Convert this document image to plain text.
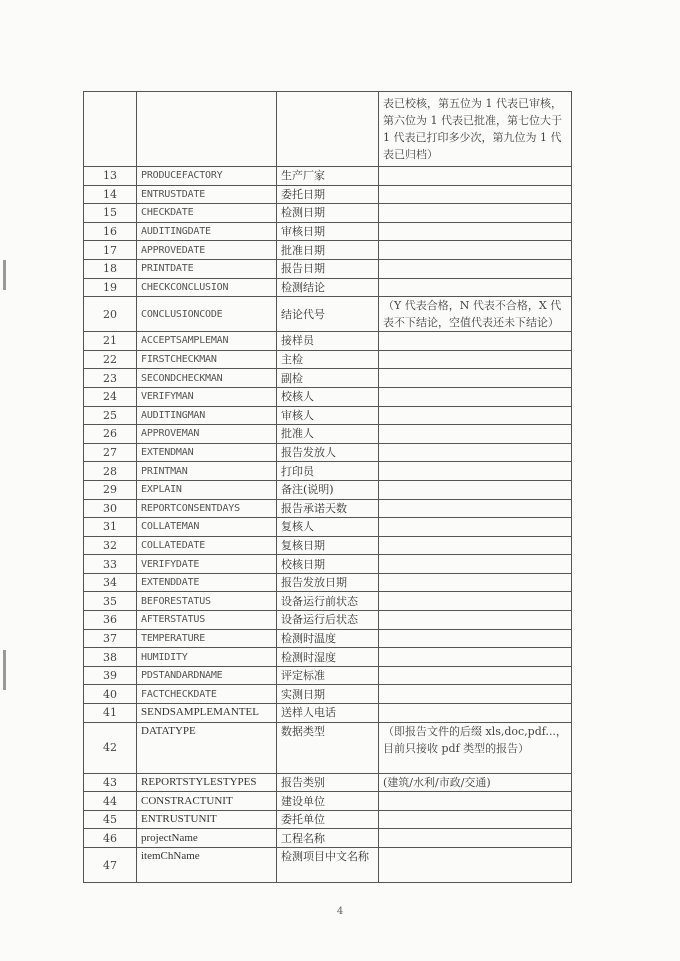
			表已校核，第五位为 1 代表已审核，第六位为 1 代表已批准，第七位大于 1 代表已打印多少次，第九位为 1 代表已归档）
13	PRODUCEFACTORY	生产厂家	
14	ENTRUSTDATE	委托日期	
15	CHECKDATE	检测日期	
16	AUDITINGDATE	审核日期	
17	APPROVEDATE	批准日期	
18	PRINTDATE	报告日期	
19	CHECKCONCLUSION	检测结论	
20	CONCLUSIONCODE	结论代号	（Y 代表合格，N 代表不合格，X 代表不下结论，空值代表还未下结论）
21	ACCEPTSAMPLEMAN	接样员	
22	FIRSTCHECKMAN	主检	
23	SECONDCHECKMAN	副检	
24	VERIFYMAN	校核人	
25	AUDITINGMAN	审核人	
26	APPROVEMAN	批准人	
27	EXTENDMAN	报告发放人	
28	PRINTMAN	打印员	
29	EXPLAIN	备注(说明)	
30	REPORTCONSENTDAYS	报告承诺天数	
31	COLLATEMAN	复核人	
32	COLLATEDATE	复核日期	
33	VERIFYDATE	校核日期	
34	EXTENDDATE	报告发放日期	
35	BEFORESTATUS	设备运行前状态	
36	AFTERSTATUS	设备运行后状态	
37	TEMPERATURE	检测时温度	
38	HUMIDITY	检测时湿度	
39	PDSTANDARDNAME	评定标准	
40	FACTCHECKDATE	实测日期	
41	SENDSAMPLEMANTEL	送样人电话	
42	DATATYPE	数据类型	（即报告文件的后缀 xls,doc,pdf...，目前只接收 pdf 类型的报告）
43	REPORTSTYLESTYPES	报告类别	(建筑/水利/市政/交通)
44	CONSTRACTUNIT	建设单位	
45	ENTRUSTUNIT	委托单位	
46	projectName	工程名称	
47	itemChName	检测项目中文名称	
4
